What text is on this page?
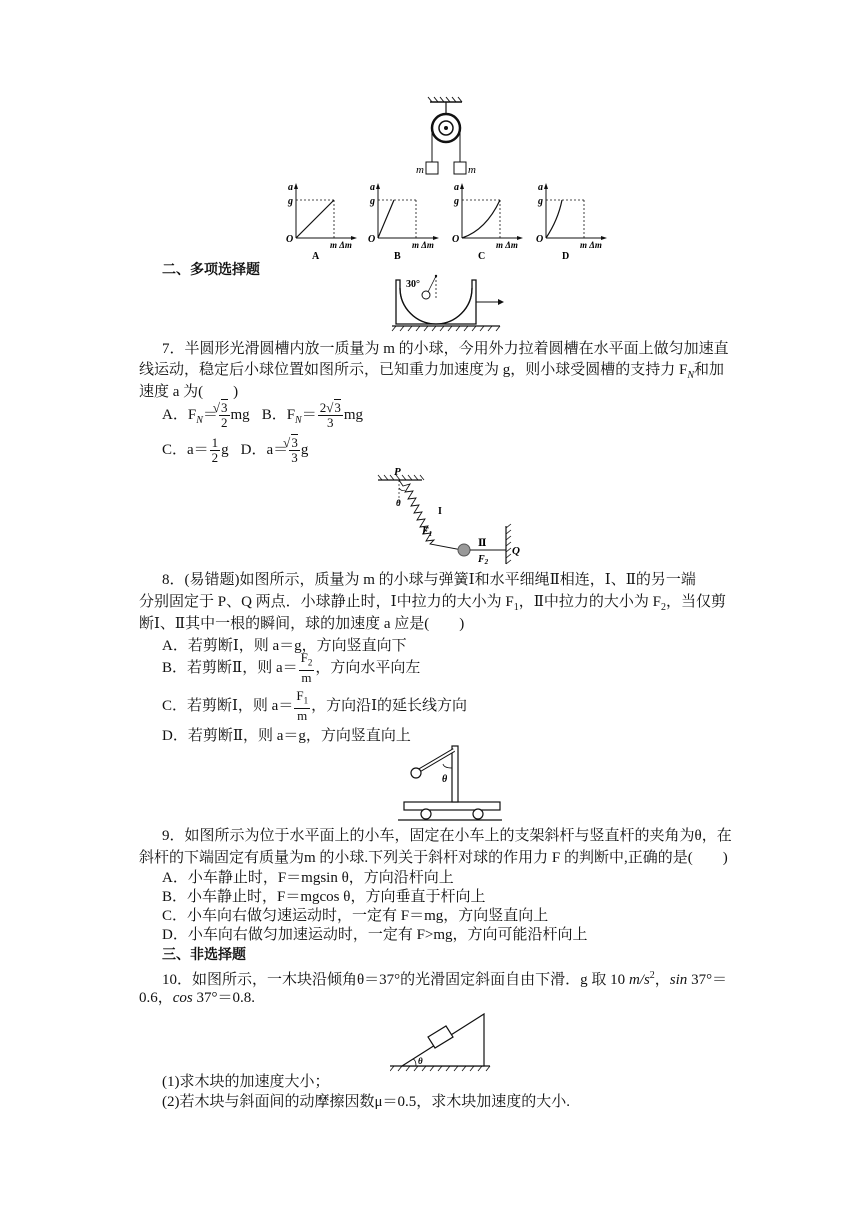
m	m
a
g
O	m Δm
A
a
g
O	m Δm
B
a
g
O	m Δm
C
a
g
O	m Δm
D
二、多项选择题
30°
7．半圆形光滑圆槽内放一质量为 m 的小球，今用外力拉着圆槽在水平面上做匀加速直
线运动，稳定后小球位置如图所示，已知重力加速度为 g，则小球受圆槽的支持力 $F_N$和加
速度 a 为(　　)
A．$F_N=$ √ $\frac{3}{2}$ mg B．$F_N= \frac{2 √ 3}{3}$ mg
C．$a= \frac{1}{2}$ g D．a＝ √ $\frac{3}{3}$ g
P
θ
Q
I
$F_1$
Ⅱ
$F_2$
8．(易错题)如图所示，质量为 m 的小球与弹簧Ⅰ和水平细绳Ⅱ相连，Ⅰ、Ⅱ的另一端
分别固定于 P、Q 两点．小球静止时，Ⅰ中拉力的大小为 $F_1$，Ⅱ中拉力的大小为 $F_2$，当仅剪
断Ⅰ、Ⅱ其中一根的瞬间，球的加速度 a 应是(　　)
A．若剪断Ⅰ，则 a＝g，方向竖直向下
B．若剪断Ⅱ，则 $a= \frac{F_2}{m}$ ，方向水平向左
C．若剪断Ⅰ，则 $a= \frac{F_1}{m}$ ，方向沿Ⅰ的延长线方向
D．若剪断Ⅱ，则 a＝g，方向竖直向上
θ
9．如图所示为位于水平面上的小车，固定在小车上的支架斜杆与竖直杆的夹角为θ，在
斜杆的下端固定有质量为m 的小球.下列关于斜杆对球的作用力 F 的判断中,正确的是(　　)
A．小车静止时，F＝mgsin θ，方向沿杆向上
B．小车静止时，F＝mgcos θ，方向垂直于杆向上
C．小车向右做匀速运动时，一定有 F＝mg，方向竖直向上
D．小车向右做匀加速运动时，一定有 F>mg，方向可能沿杆向上
三、非选择题
10．如图所示，一木块沿倾角θ＝37°的光滑固定斜面自由下滑．g 取 10 $m/s^2$，sin 37°＝
0.6，cos 37°＝0.8.
θ
(1)求木块的加速度大小；
(2)若木块与斜面间的动摩擦因数μ＝0.5，求木块加速度的大小.
